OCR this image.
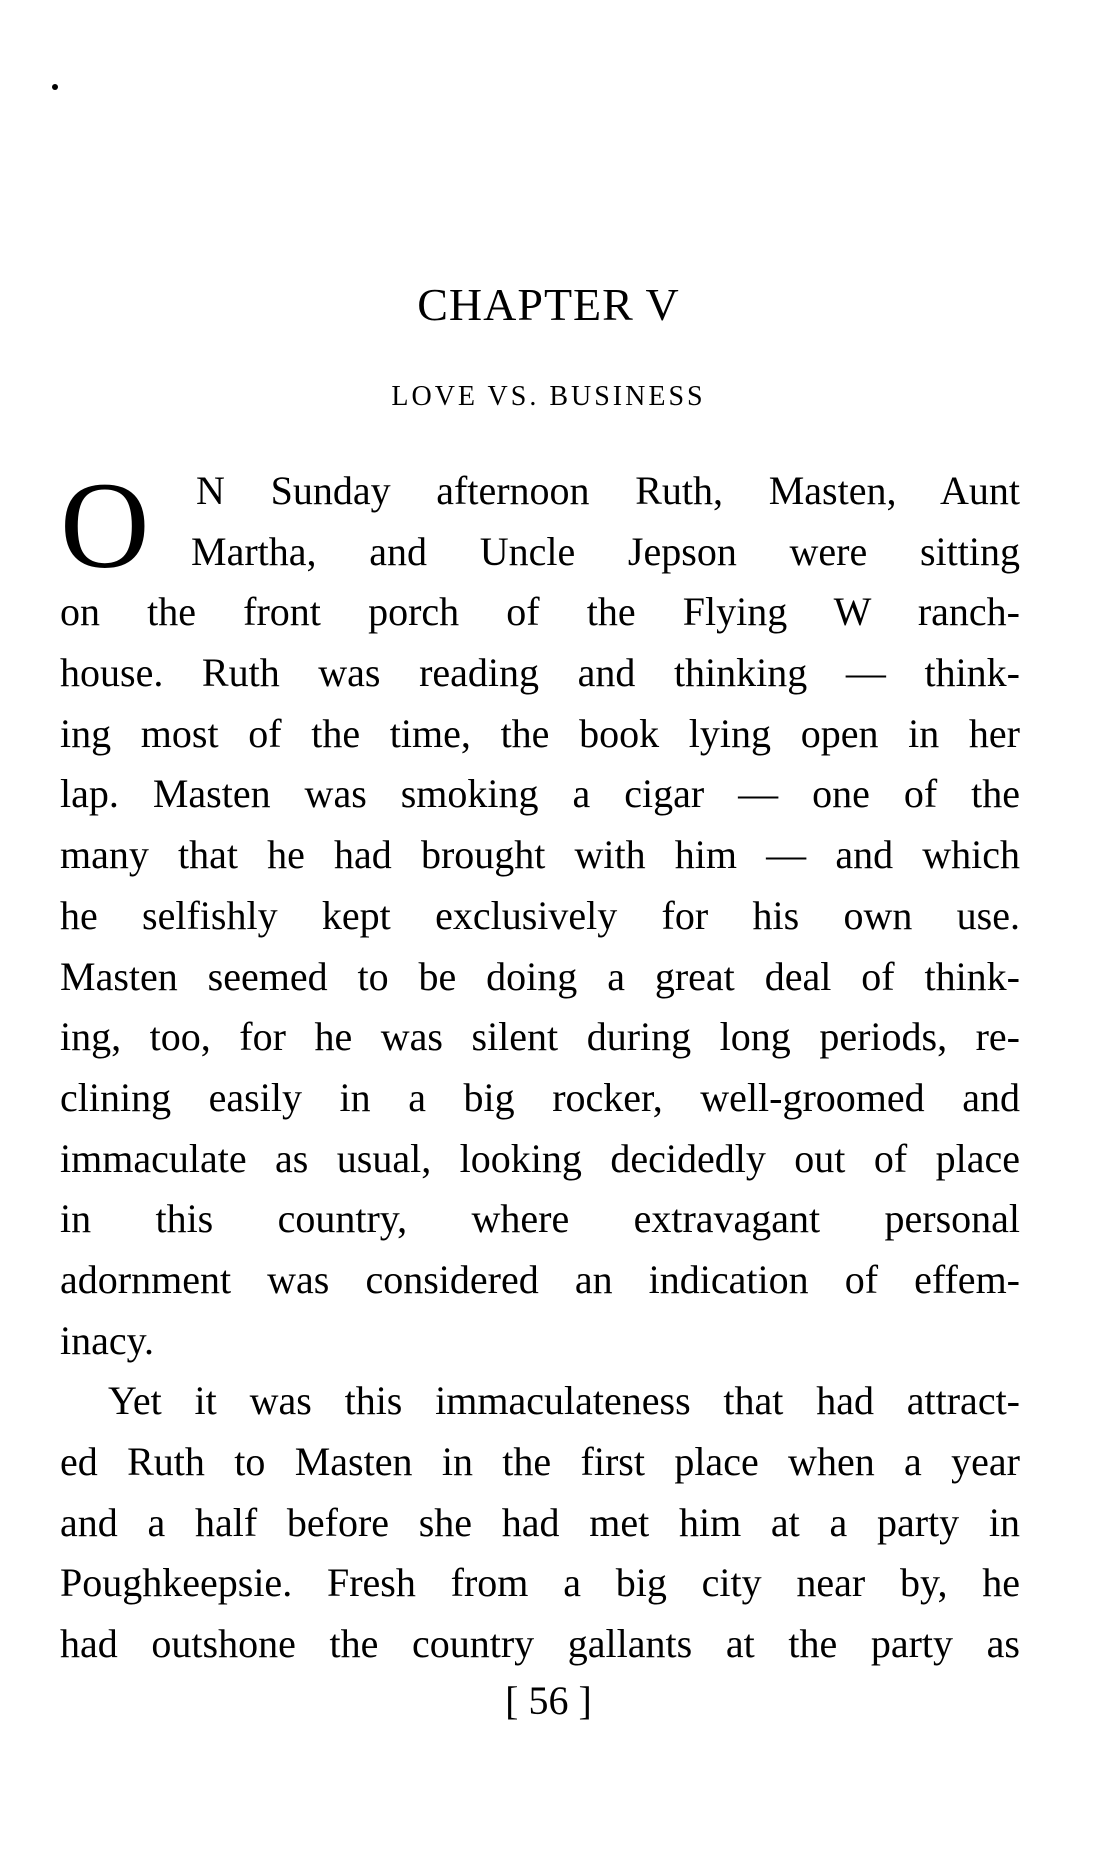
CHAPTER V
LOVE VS. BUSINESS
O	N Sunday afternoon Ruth, Masten, Aunt
Martha, and Uncle Jepson were sitting
on the front porch of the Flying W ranch-
house. Ruth was reading and thinking — think-
ing most of the time, the book lying open in her
lap. Masten was smoking a cigar — one of the
many that he had brought with him — and which
he selfishly kept exclusively for his own use.
Masten seemed to be doing a great deal of think-
ing, too, for he was silent during long periods, re-
clining easily in a big rocker, well-groomed and
immaculate as usual, looking decidedly out of place
in this country, where extravagant personal
adornment was considered an indication of effem-
inacy.
Yet it was this immaculateness that had attract-
ed Ruth to Masten in the first place when a year
and a half before she had met him at a party in
Poughkeepsie. Fresh from a big city near by, he
had outshone the country gallants at the party as
[ 56 ]
